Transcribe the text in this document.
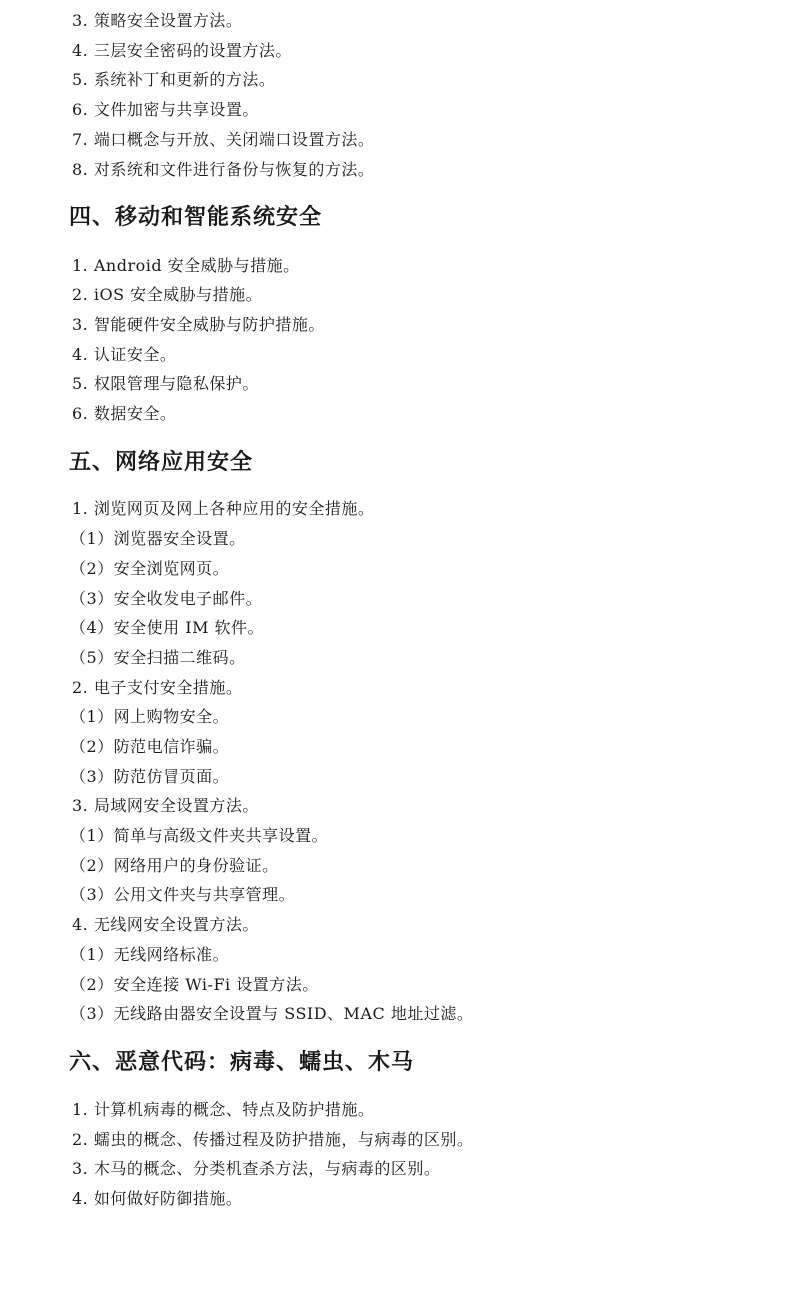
3. 策略安全设置方法。
4. 三层安全密码的设置方法。
5. 系统补丁和更新的方法。
6. 文件加密与共享设置。
7. 端口概念与开放、关闭端口设置方法。
8. 对系统和文件进行备份与恢复的方法。
四、移动和智能系统安全
1. Android 安全威胁与措施。
2. iOS 安全威胁与措施。
3. 智能硬件安全威胁与防护措施。
4. 认证安全。
5. 权限管理与隐私保护。
6. 数据安全。
五、网络应用安全
1. 浏览网页及网上各种应用的安全措施。
（1）浏览器安全设置。
（2）安全浏览网页。
（3）安全收发电子邮件。
（4）安全使用 IM 软件。
（5）安全扫描二维码。
2. 电子支付安全措施。
（1）网上购物安全。
（2）防范电信诈骗。
（3）防范仿冒页面。
3. 局域网安全设置方法。
（1）简单与高级文件夹共享设置。
（2）网络用户的身份验证。
（3）公用文件夹与共享管理。
4. 无线网安全设置方法。
（1）无线网络标准。
（2）安全连接 Wi-Fi 设置方法。
（3）无线路由器安全设置与 SSID、MAC 地址过滤。
六、恶意代码：病毒、蠕虫、木马
1. 计算机病毒的概念、特点及防护措施。
2. 蠕虫的概念、传播过程及防护措施，与病毒的区别。
3. 木马的概念、分类机查杀方法，与病毒的区别。
4. 如何做好防御措施。
